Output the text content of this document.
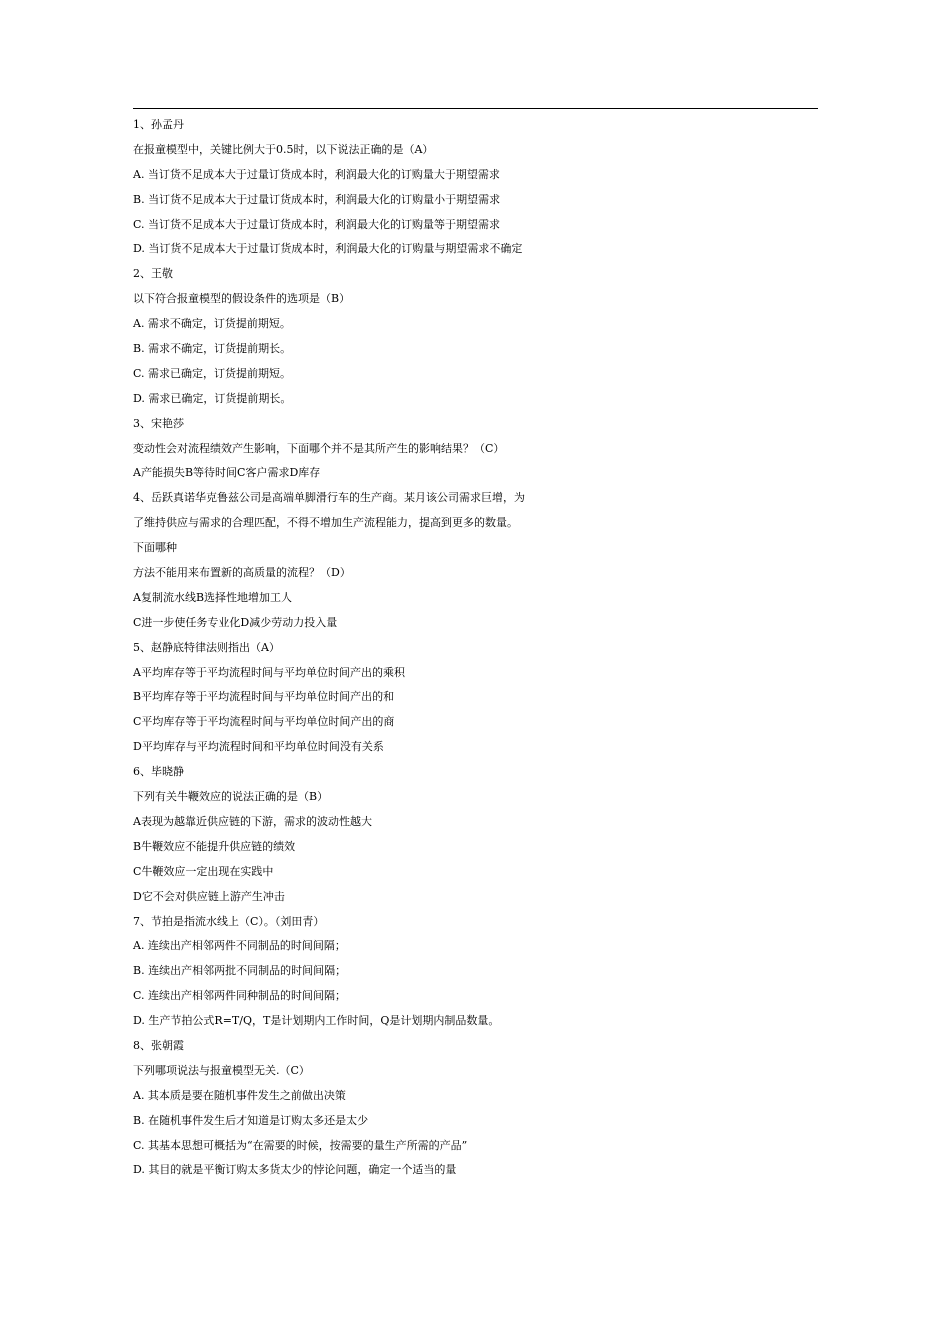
1、孙孟丹
在报童模型中，关键比例大于0.5时，以下说法正确的是（A）
A. 当订货不足成本大于过量订货成本时，利润最大化的订购量大于期望需求
B. 当订货不足成本大于过量订货成本时，利润最大化的订购量小于期望需求
C. 当订货不足成本大于过量订货成本时，利润最大化的订购量等于期望需求
D. 当订货不足成本大于过量订货成本时，利润最大化的订购量与期望需求不确定
2、王敬
以下符合报童模型的假设条件的选项是（B）
A. 需求不确定，订货提前期短。
B. 需求不确定，订货提前期长。
C. 需求已确定，订货提前期短。
D. 需求已确定，订货提前期长。
3、宋艳莎
变动性会对流程绩效产生影响，下面哪个并不是其所产生的影响结果？（C）
A产能损失B等待时间C客户需求D库存
4、岳跃真诺华克鲁兹公司是高端单脚滑行车的生产商。某月该公司需求巨增，为
了维持供应与需求的合理匹配，不得不增加生产流程能力，提高到更多的数量。
下面哪种
方法不能用来布置新的高质量的流程？（D）
A复制流水线B选择性地增加工人
C进一步使任务专业化D减少劳动力投入量
5、赵静底特律法则指出（A）
A平均库存等于平均流程时间与平均单位时间产出的乘积
B平均库存等于平均流程时间与平均单位时间产出的和
C平均库存等于平均流程时间与平均单位时间产出的商
D平均库存与平均流程时间和平均单位时间没有关系
6、毕晓静
下列有关牛鞭效应的说法正确的是（B）
A表现为越靠近供应链的下游，需求的波动性越大
B牛鞭效应不能提升供应链的绩效
C牛鞭效应一定出现在实践中
D它不会对供应链上游产生冲击
7、节拍是指流水线上（C）。（刘田青）
A. 连续出产相邻两件不同制品的时间间隔；
B. 连续出产相邻两批不同制品的时间间隔；
C. 连续出产相邻两件同种制品的时间间隔；
D. 生产节拍公式R=T/Q，T是计划期内工作时间，Q是计划期内制品数量。
8、张朝霞
下列哪项说法与报童模型无关.（C）
A. 其本质是要在随机事件发生之前做出决策
B. 在随机事件发生后才知道是订购太多还是太少
C. 其基本思想可概括为“在需要的时候，按需要的量生产所需的产品”
D. 其目的就是平衡订购太多货太少的悖论问题，确定一个适当的量
